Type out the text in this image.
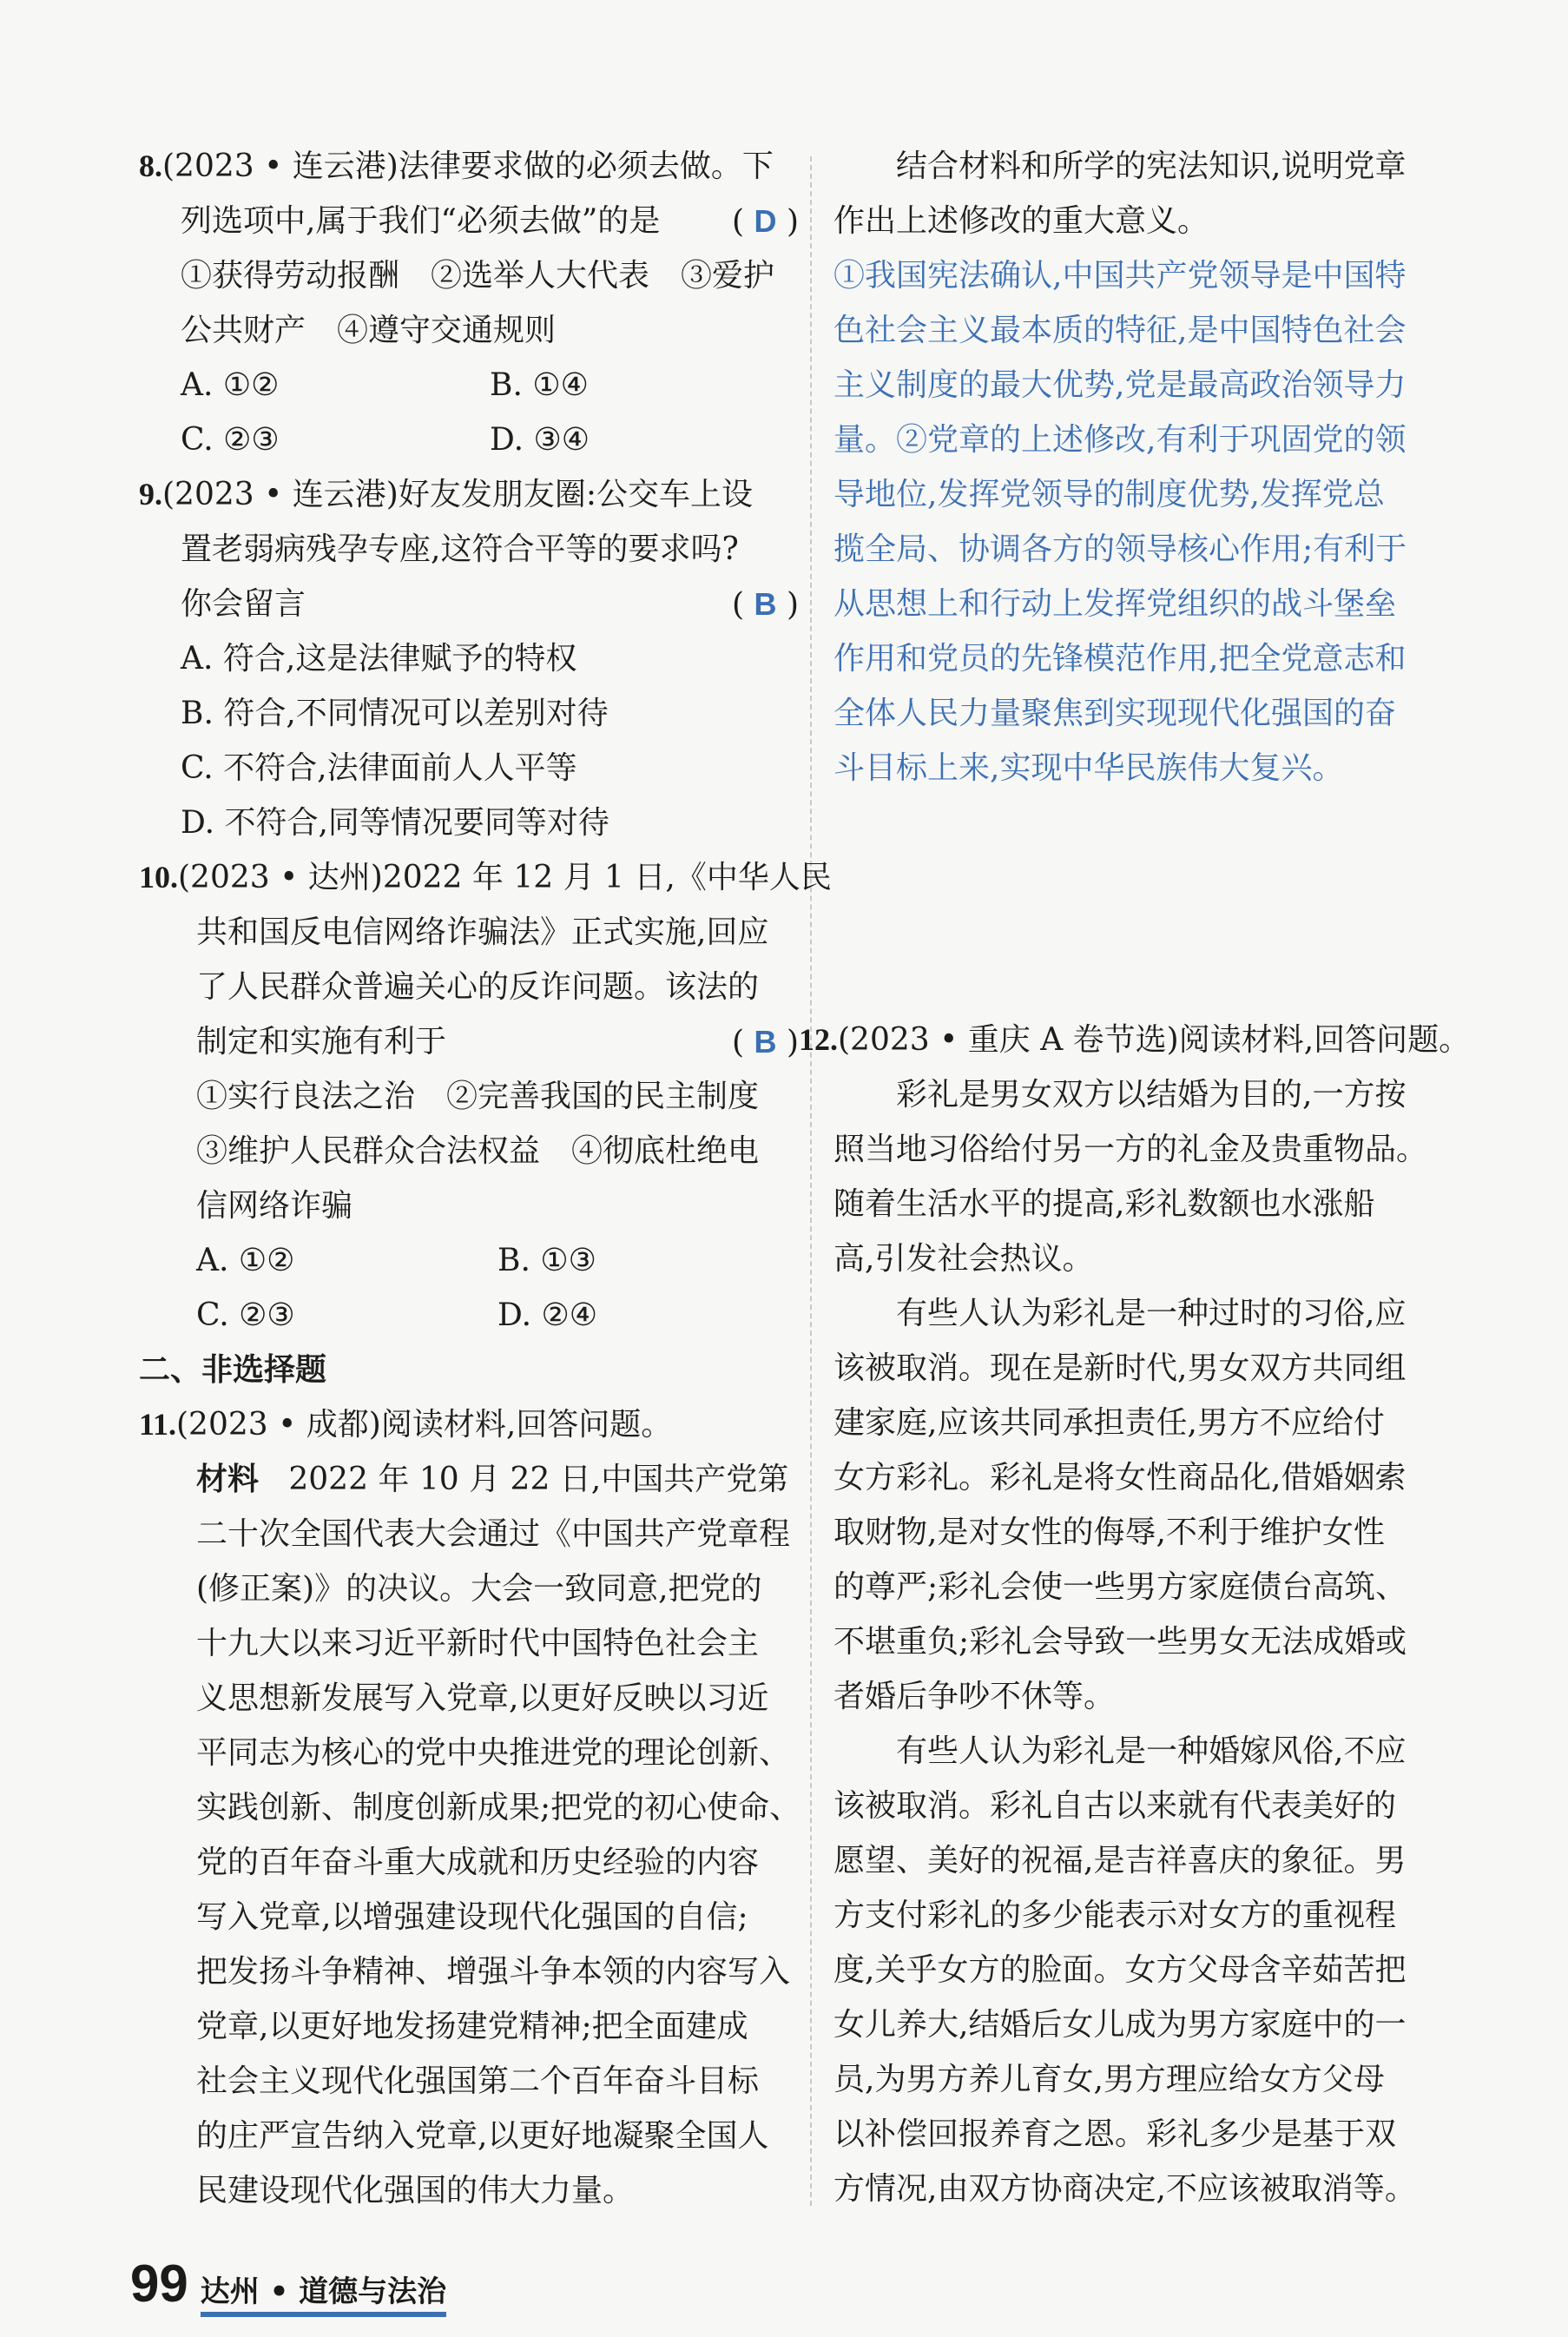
8.(2023 • 连云港)法律要求做的必须去做。下
列选项中,属于我们“必须去做”的是 ( D )
①获得劳动报酬　②选举人大代表　③爱护
公共财产　④遵守交通规则
A. ①②	B. ①④
C. ②③	D. ③④
9.(2023 • 连云港)好友发朋友圈:公交车上设
置老弱病残孕专座,这符合平等的要求吗?
你会留言	( B )
A. 符合,这是法律赋予的特权
B. 符合,不同情况可以差别对待
C. 不符合,法律面前人人平等
D. 不符合,同等情况要同等对待
10.(2023 • 达州)2022 年 12 月 1 日,《中华人民
共和国反电信网络诈骗法》正式实施,回应
了人民群众普遍关心的反诈问题。该法的
制定和实施有利于	( B )
①实行良法之治　②完善我国的民主制度
③维护人民群众合法权益　④彻底杜绝电
信网络诈骗
A. ①②	B. ①③
C. ②③	D. ②④
二、非选择题
11.(2023 • 成都)阅读材料,回答问题。
材料 2022 年 10 月 22 日,中国共产党第
二十次全国代表大会通过《中国共产党章程
(修正案)》的决议。大会一致同意,把党的
十九大以来习近平新时代中国特色社会主
义思想新发展写入党章,以更好反映以习近
平同志为核心的党中央推进党的理论创新、
实践创新、制度创新成果;把党的初心使命、
党的百年奋斗重大成就和历史经验的内容
写入党章,以增强建设现代化强国的自信;
把发扬斗争精神、增强斗争本领的内容写入
党章,以更好地发扬建党精神;把全面建成
社会主义现代化强国第二个百年奋斗目标
的庄严宣告纳入党章,以更好地凝聚全国人
民建设现代化强国的伟大力量。
结合材料和所学的宪法知识,说明党章
作出上述修改的重大意义。
①我国宪法确认,中国共产党领导是中国特
色社会主义最本质的特征,是中国特色社会
主义制度的最大优势,党是最高政治领导力
量。②党章的上述修改,有利于巩固党的领
导地位,发挥党领导的制度优势,发挥党总
揽全局、协调各方的领导核心作用;有利于
从思想上和行动上发挥党组织的战斗堡垒
作用和党员的先锋模范作用,把全党意志和
全体人民力量聚焦到实现现代化强国的奋
斗目标上来,实现中华民族伟大复兴。
12.(2023 • 重庆 A 卷节选)阅读材料,回答问题。
彩礼是男女双方以结婚为目的,一方按
照当地习俗给付另一方的礼金及贵重物品。
随着生活水平的提高,彩礼数额也水涨船
高,引发社会热议。
有些人认为彩礼是一种过时的习俗,应
该被取消。现在是新时代,男女双方共同组
建家庭,应该共同承担责任,男方不应给付
女方彩礼。彩礼是将女性商品化,借婚姻索
取财物,是对女性的侮辱,不利于维护女性
的尊严;彩礼会使一些男方家庭债台高筑、
不堪重负;彩礼会导致一些男女无法成婚或
者婚后争吵不休等。
有些人认为彩礼是一种婚嫁风俗,不应
该被取消。彩礼自古以来就有代表美好的
愿望、美好的祝福,是吉祥喜庆的象征。男
方支付彩礼的多少能表示对女方的重视程
度,关乎女方的脸面。女方父母含辛茹苦把
女儿养大,结婚后女儿成为男方家庭中的一
员,为男方养儿育女,男方理应给女方父母
以补偿回报养育之恩。彩礼多少是基于双
方情况,由双方协商决定,不应该被取消等。
99 达州 • 道德与法治
